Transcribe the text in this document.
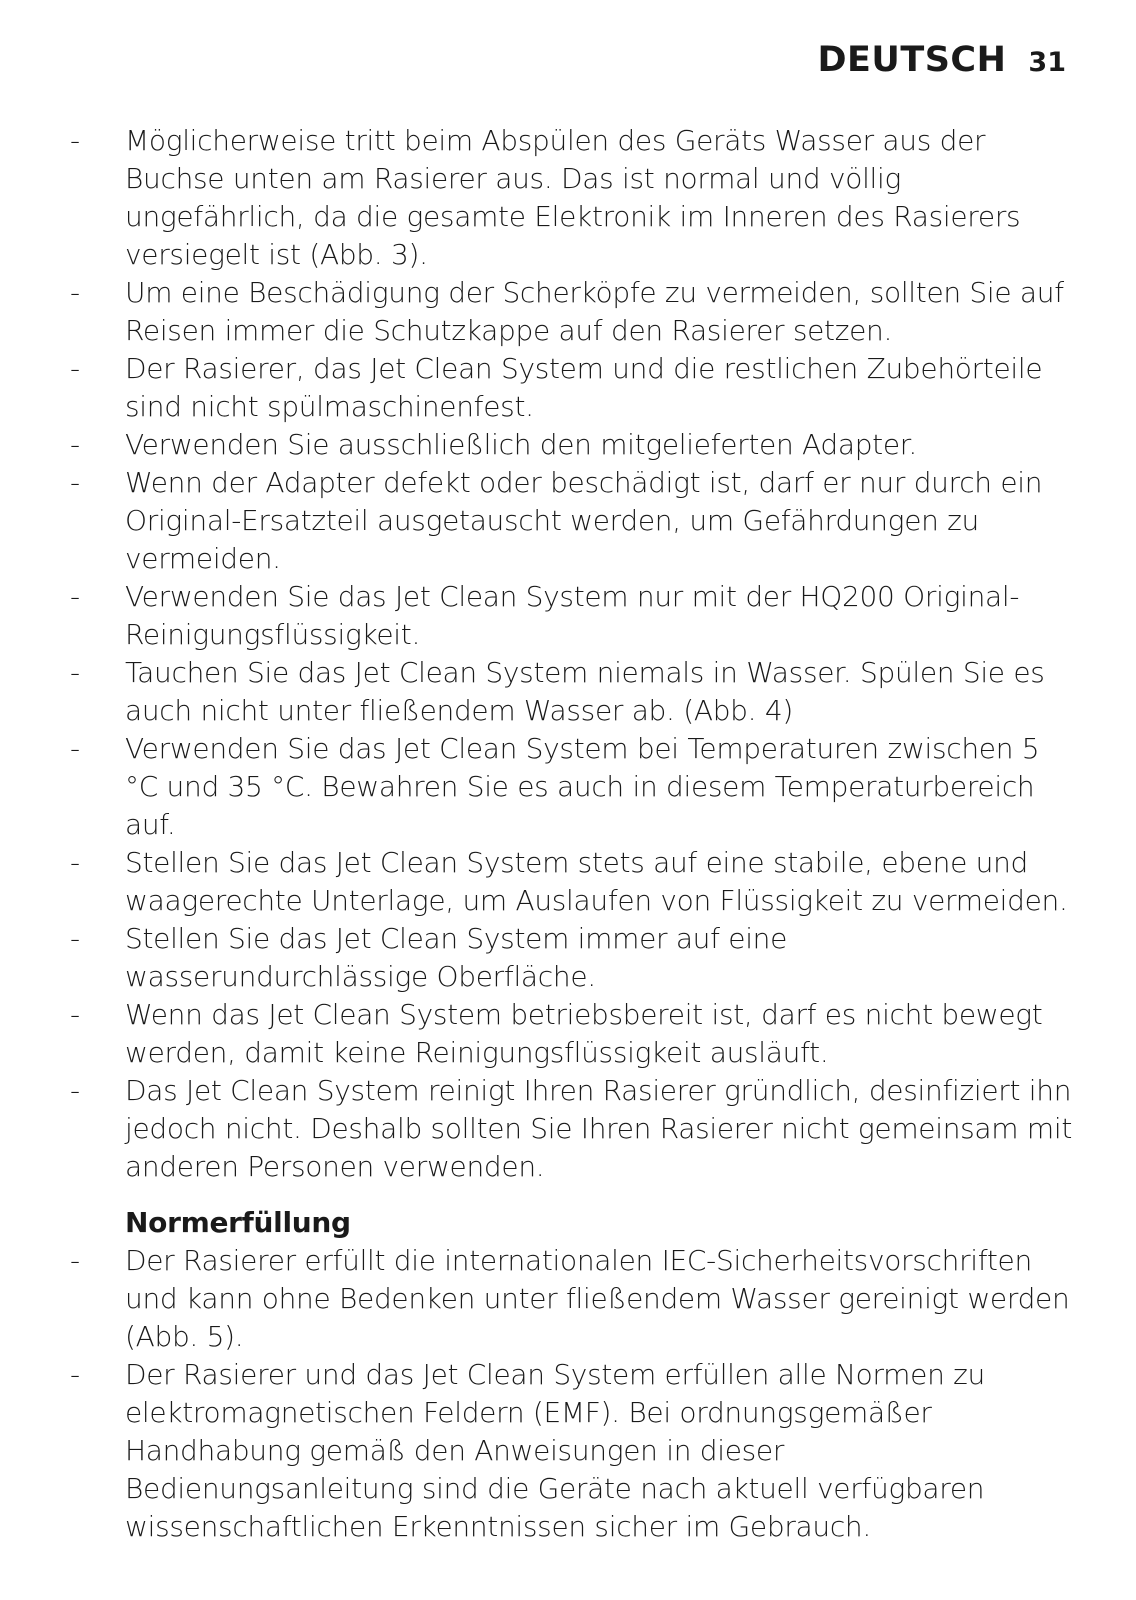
DEUTSCH 31
- Möglicherweise tritt beim Abspülen des Geräts Wasser aus der Buchse unten am Rasierer aus. Das ist normal und völlig ungefährlich, da die gesamte Elektronik im Inneren des Rasierers versiegelt ist (Abb. 3).
- Um eine Beschädigung der Scherköpfe zu vermeiden, sollten Sie auf Reisen immer die Schutzkappe auf den Rasierer setzen.
- Der Rasierer, das Jet Clean System und die restlichen Zubehörteile sind nicht spülmaschinenfest.
- Verwenden Sie ausschließlich den mitgelieferten Adapter.
- Wenn der Adapter defekt oder beschädigt ist, darf er nur durch ein Original-Ersatzteil ausgetauscht werden, um Gefährdungen zu vermeiden.
- Verwenden Sie das Jet Clean System nur mit der HQ200 Original-Reinigungsflüssigkeit.
- Tauchen Sie das Jet Clean System niemals in Wasser. Spülen Sie es auch nicht unter fließendem Wasser ab. (Abb. 4)
- Verwenden Sie das Jet Clean System bei Temperaturen zwischen 5 °C und 35 °C. Bewahren Sie es auch in diesem Temperaturbereich auf.
- Stellen Sie das Jet Clean System stets auf eine stabile, ebene und waagerechte Unterlage, um Auslaufen von Flüssigkeit zu vermeiden.
- Stellen Sie das Jet Clean System immer auf eine wasserundurchlässige Oberfläche.
- Wenn das Jet Clean System betriebsbereit ist, darf es nicht bewegt werden, damit keine Reinigungsflüssigkeit ausläuft.
- Das Jet Clean System reinigt Ihren Rasierer gründlich, desinfiziert ihn jedoch nicht. Deshalb sollten Sie Ihren Rasierer nicht gemeinsam mit anderen Personen verwenden.
Normerfüllung
- Der Rasierer erfüllt die internationalen IEC-Sicherheitsvorschriften und kann ohne Bedenken unter fließendem Wasser gereinigt werden (Abb. 5).
- Der Rasierer und das Jet Clean System erfüllen alle Normen zu elektromagnetischen Feldern (EMF). Bei ordnungsgemäßer Handhabung gemäß den Anweisungen in dieser Bedienungsanleitung sind die Geräte nach aktuell verfügbaren wissenschaftlichen Erkenntnissen sicher im Gebrauch.
